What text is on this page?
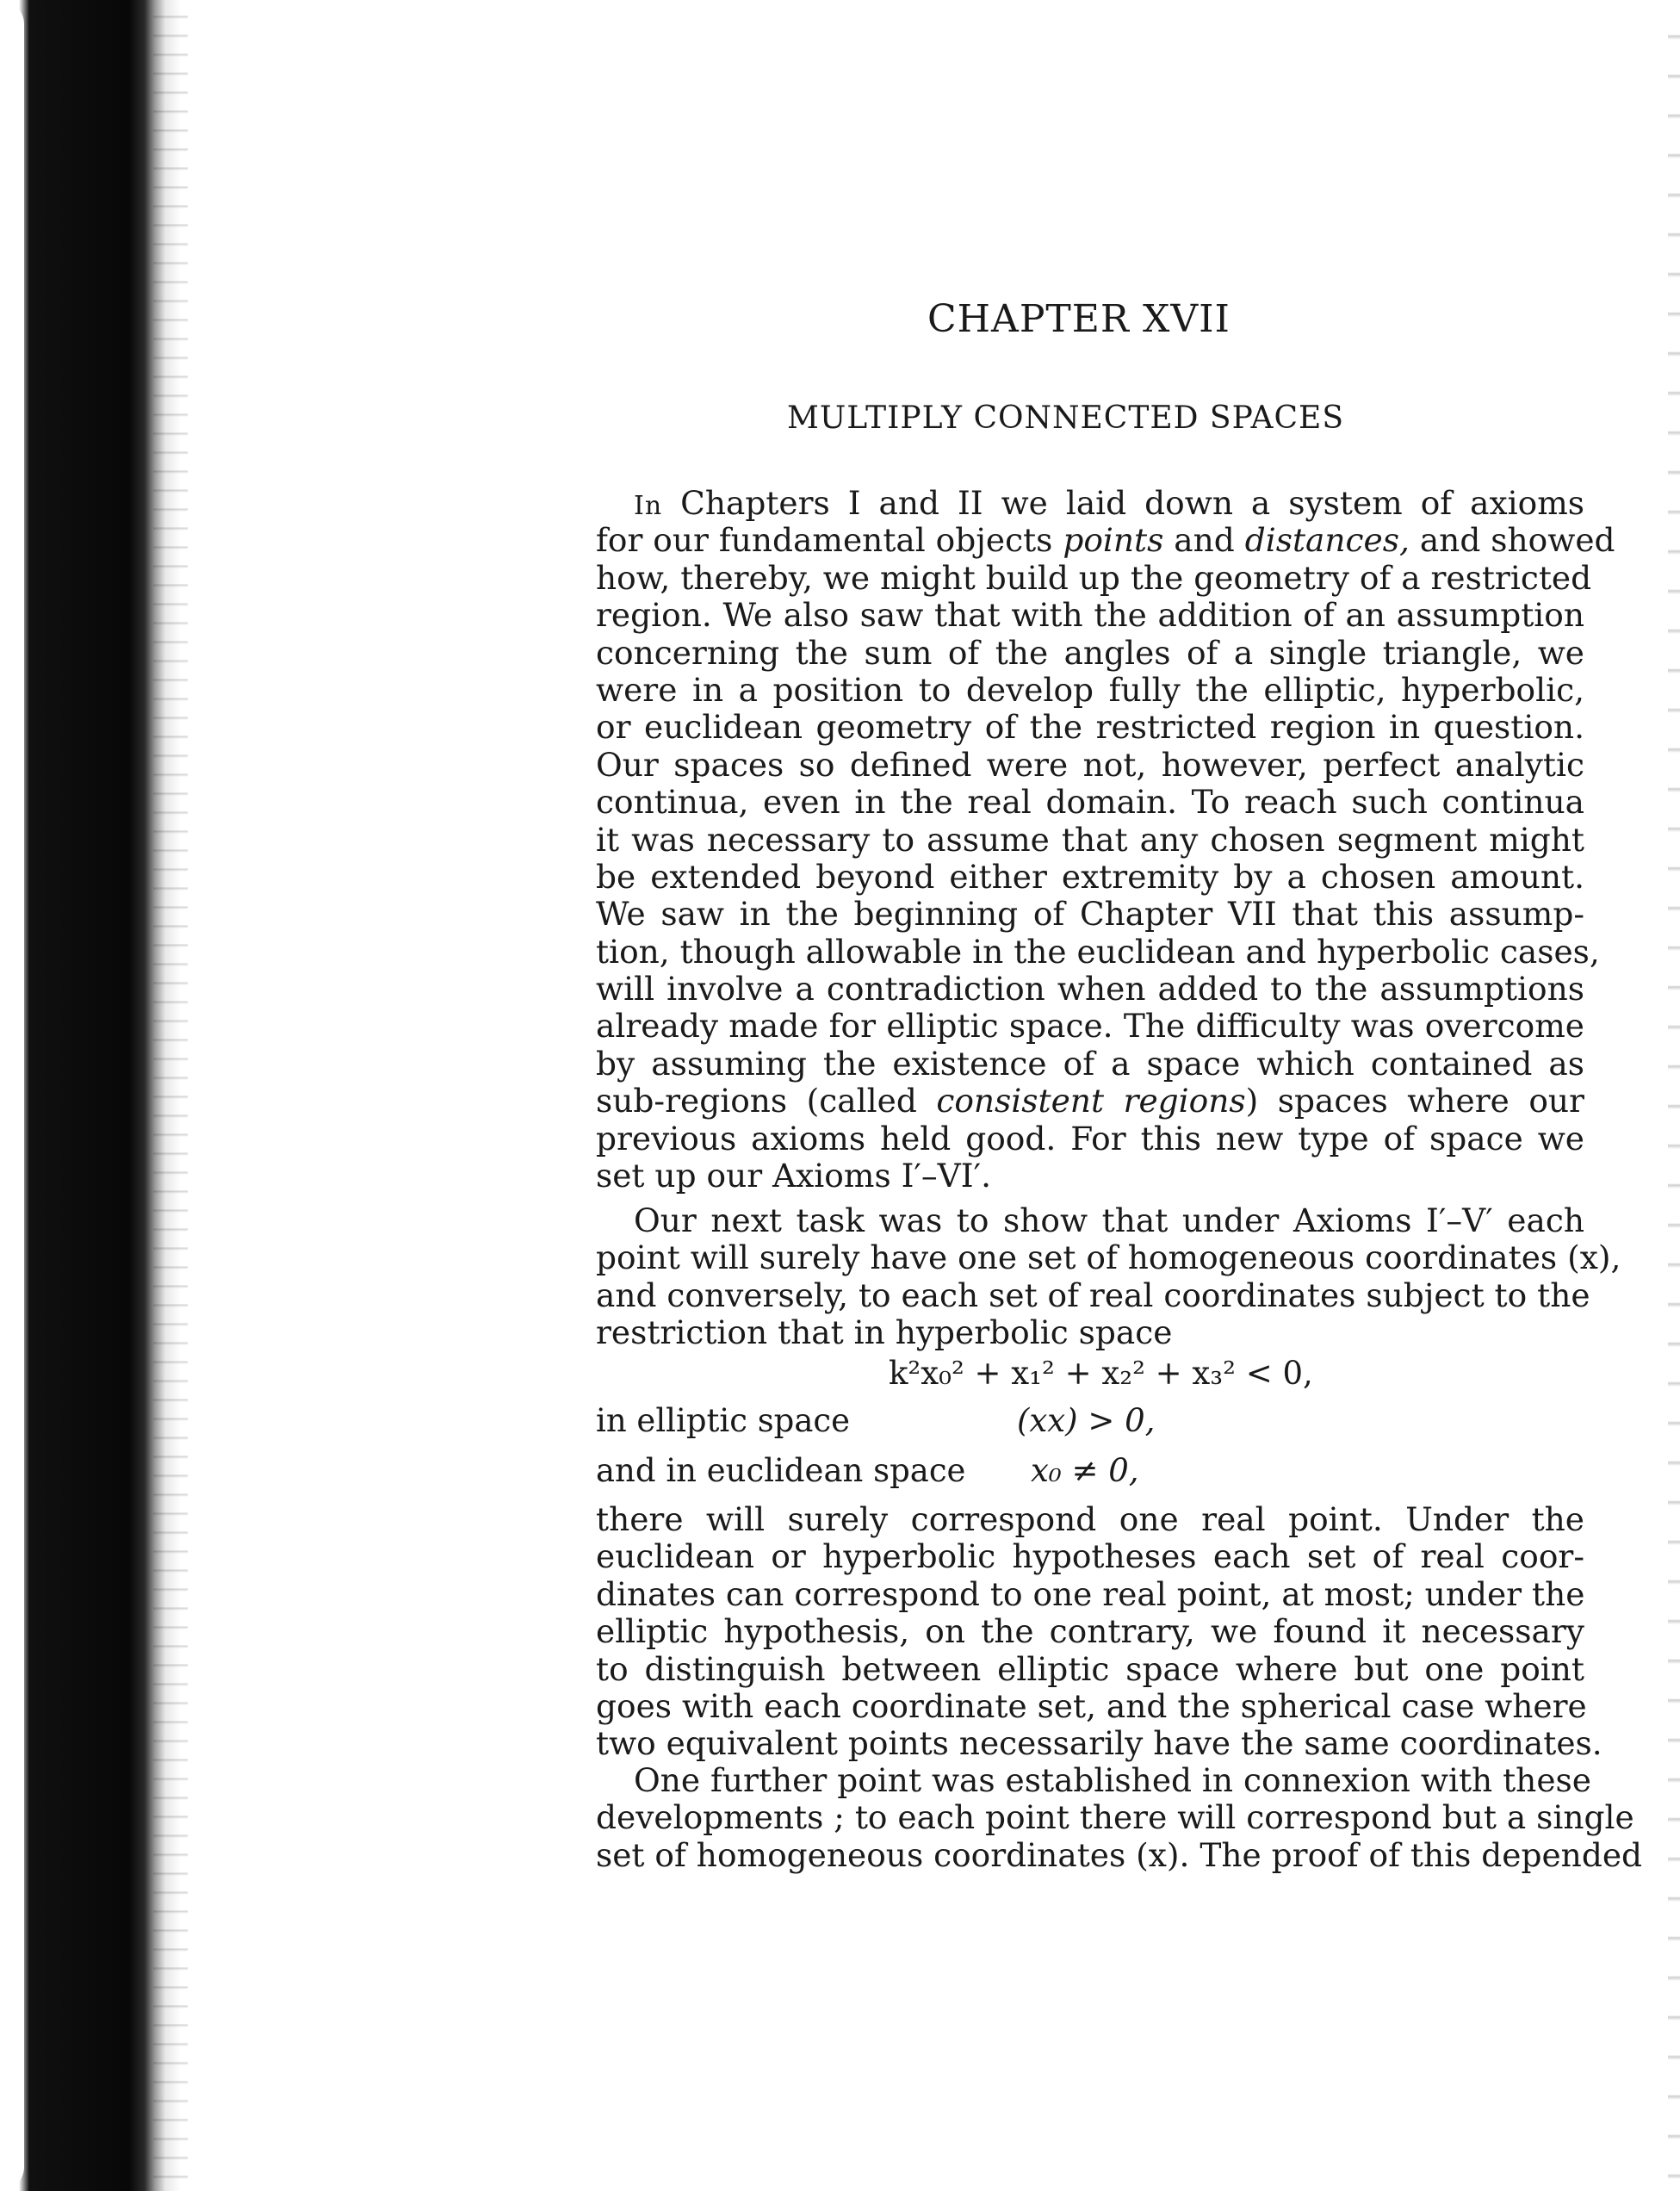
CHAPTER XVII
MULTIPLY CONNECTED SPACES
In Chapters I and II we laid down a system of axioms
for our fundamental objects points and distances, and showed
how, thereby, we might build up the geometry of a restricted
region. We also saw that with the addition of an assumption
concerning the sum of the angles of a single triangle, we
were in a position to develop fully the elliptic, hyperbolic,
or euclidean geometry of the restricted region in question.
Our spaces so defined were not, however, perfect analytic
continua, even in the real domain. To reach such continua
it was necessary to assume that any chosen segment might
be extended beyond either extremity by a chosen amount.
We saw in the beginning of Chapter VII that this assump-
tion, though allowable in the euclidean and hyperbolic cases,
will involve a contradiction when added to the assumptions
already made for elliptic space. The difficulty was overcome
by assuming the existence of a space which contained as
sub-regions (called consistent regions) spaces where our
previous axioms held good. For this new type of space we
set up our Axioms I′–VI′.
Our next task was to show that under Axioms I′–V′ each
point will surely have one set of homogeneous coordinates (x),
and conversely, to each set of real coordinates subject to the
restriction that in hyperbolic space
k²x₀² + x₁² + x₂² + x₃² < 0,
in elliptic space	(xx) > 0,
and in euclidean space x₀ ≠ 0,
there will surely correspond one real point. Under the
euclidean or hyperbolic hypotheses each set of real coor-
dinates can correspond to one real point, at most; under the
elliptic hypothesis, on the contrary, we found it necessary
to distinguish between elliptic space where but one point
goes with each coordinate set, and the spherical case where
two equivalent points necessarily have the same coordinates.
One further point was established in connexion with these
developments ; to each point there will correspond but a single
set of homogeneous coordinates (x). The proof of this depended
